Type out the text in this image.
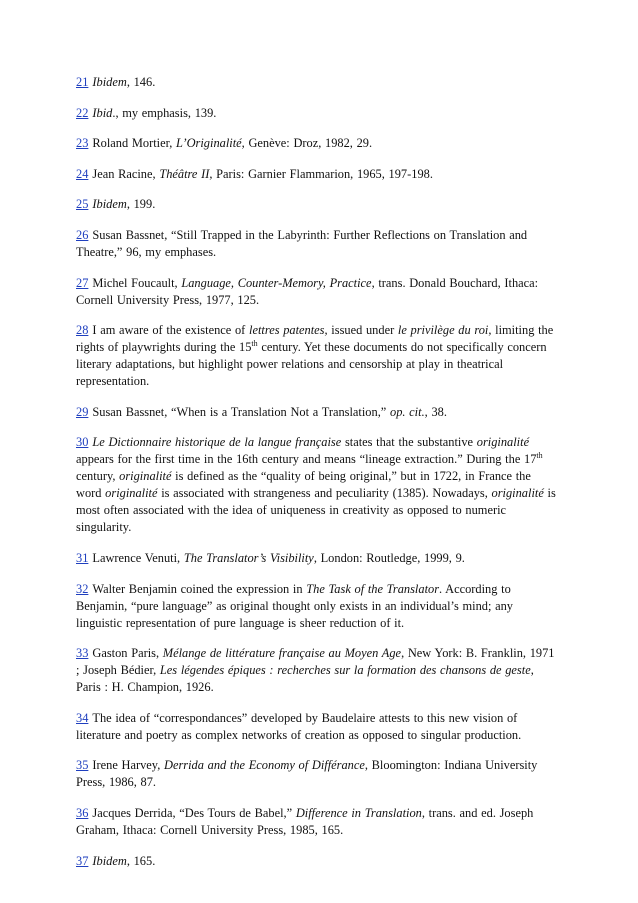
21 Ibidem, 146.
22 Ibid., my emphasis, 139.
23 Roland Mortier, L’Originalité, Genève: Droz, 1982, 29.
24 Jean Racine, Théâtre II, Paris: Garnier Flammarion, 1965, 197-198.
25 Ibidem, 199.
26 Susan Bassnet, “Still Trapped in the Labyrinth: Further Reflections on Translation and Theatre,” 96, my emphases.
27 Michel Foucault, Language, Counter-Memory, Practice, trans. Donald Bouchard, Ithaca: Cornell University Press, 1977, 125.
28 I am aware of the existence of lettres patentes, issued under le privilège du roi, limiting the rights of playwrights during the 15th century. Yet these documents do not specifically concern literary adaptations, but highlight power relations and censorship at play in theatrical representation.
29 Susan Bassnet, “When is a Translation Not a Translation,” op. cit., 38.
30 Le Dictionnaire historique de la langue française states that the substantive originalité appears for the first time in the 16th century and means “lineage extraction.” During the 17th century, originalité is defined as the “quality of being original,” but in 1722, in France the word originalité is associated with strangeness and peculiarity (1385). Nowadays, originalité is most often associated with the idea of uniqueness in creativity as opposed to numeric singularity.
31 Lawrence Venuti, The Translator’s Visibility, London: Routledge, 1999, 9.
32 Walter Benjamin coined the expression in The Task of the Translator. According to Benjamin, “pure language” as original thought only exists in an individual’s mind; any linguistic representation of pure language is sheer reduction of it.
33 Gaston Paris, Mélange de littérature française au Moyen Age, New York: B. Franklin, 1971 ; Joseph Bédier, Les légendes épiques : recherches sur la formation des chansons de geste, Paris : H. Champion, 1926.
34 The idea of “correspondances” developed by Baudelaire attests to this new vision of literature and poetry as complex networks of creation as opposed to singular production.
35 Irene Harvey, Derrida and the Economy of Différance, Bloomington: Indiana University Press, 1986, 87.
36 Jacques Derrida, “Des Tours de Babel,” Difference in Translation, trans. and ed. Joseph Graham, Ithaca: Cornell University Press, 1985, 165.
37 Ibidem, 165.
